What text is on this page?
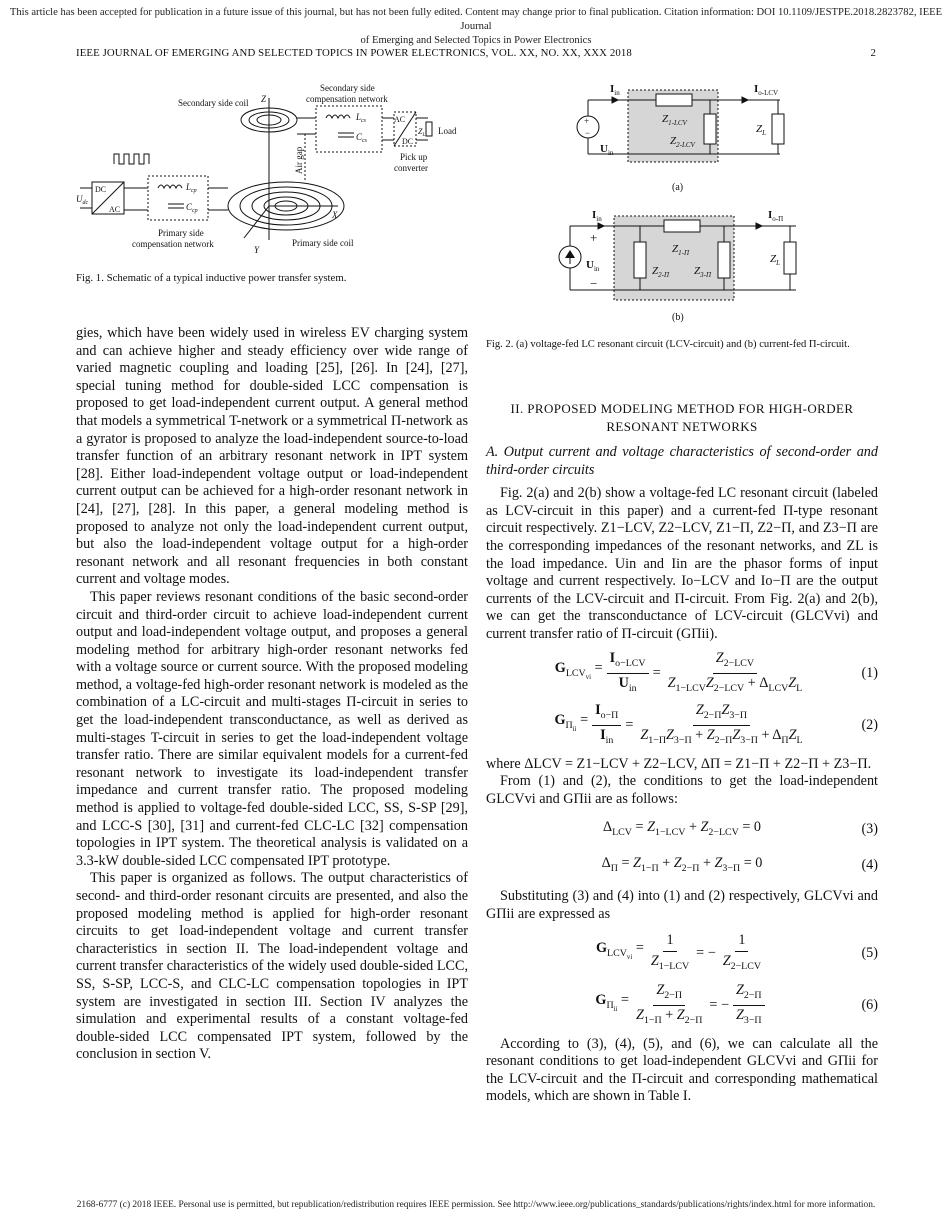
This article has been accepted for publication in a future issue of this journal, but has not been fully edited. Content may change prior to final publication. Citation information: DOI 10.1109/JESTPE.2018.2823782, IEEE Journal
of Emerging and Selected Topics in Power Electronics
IEEE JOURNAL OF EMERGING AND SELECTED TOPICS IN POWER ELECTRONICS, VOL. XX, NO. XX, XXX 2018	2
Secondary side coil
Secondary side
compensation network
Load
Pick up
converter
Air gap
Primary side
compensation network	Primary side coil
Z
X
Y
DC
AC
AC
DC
$U_{dc}$
$L_{cp}$
$C_{cp}$
$L_{cs}$
$C_{cs}$
$Z_L$
Fig. 1. Schematic of a typical inductive power transfer system.
+
−
$I_{in}$	$I_{o-LCV}$
$U_{in}$
$Z_{1-LCV}$
$Z_{2-LCV}$
$Z_L$
(a)
+
−
$I_{in}$	$I_{o-\Pi}$
$U_{in}$
$Z_{1-\Pi}$
$Z_{2-\Pi}$ $Z_{3-\Pi}$
$Z_L$
(b)
Fig. 2. (a) voltage-fed LC resonant circuit (LCV-circuit) and (b) current-fed Π-circuit.

gies, which have been widely used in wireless EV charging system and can achieve higher and steady efficiency over wide range of varied magnetic coupling and loading [25], [26]. In [24], [27], special tuning method for double-sided LCC compensation is proposed to get load-independent current output. A general method that models a symmetrical T-network or a symmetrical Π-network as a gyrator is proposed to analyze the load-independent source-to-load transfer function of an arbitrary resonant network in IPT system [28]. Either load-independent voltage output or load-independent current output can be achieved for a high-order resonant network in [24], [27], [28]. In this paper, a general modeling method is proposed to analyze not only the load-independent current output, but also the load-independent voltage output for a high-order resonant network and all resonant frequencies in both constant current and voltage modes.

This paper reviews resonant conditions of the basic second-order circuit and third-order circuit to achieve load-independent current output and load-independent voltage output, and proposes a general modeling method for arbitrary high-order resonant networks fed with a voltage source or current source. With the proposed modeling method, a voltage-fed high-order resonant network is modeled as the combination of a LC-circuit and multi-stages Π-circuit in series to get the load-independent transconductance, as well as derived as multi-stages T-circuit in series to get the load-independent voltage transfer ratio. There are similar equivalent models for a current-fed resonant network to investigate its load-independent transfer impedance and current transfer ratio. The proposed modeling method is applied to voltage-fed double-sided LCC, SS, S-SP [29], and LCC-S [30], [31] and current-fed CLC-LC [32] compensation topologies in IPT system. The theoretical analysis is validated on a 3.3-kW double-sided LCC compensated IPT prototype.

This paper is organized as follows. The output characteristics of second- and third-order resonant circuits are presented, and also the proposed modeling method is applied for high-order resonant circuits to get load-independent voltage and current transfer characteristics in section II. The load-independent voltage and current transfer characteristics of the widely used double-sided LCC, SS, S-SP, LCC-S, and CLC-LC compensation topologies in IPT system are investigated in section III. Section IV analyzes the simulation and experimental results of a constant voltage-fed double-sided LCC compensated IPT system, followed by the conclusion in section V.

II. PROPOSED MODELING METHOD FOR HIGH-ORDER RESONANT NETWORKS
A. Output current and voltage characteristics of second-order and third-order circuits

Fig. 2(a) and 2(b) show a voltage-fed LC resonant circuit (labeled as LCV-circuit in this paper) and a current-fed Π-type resonant circuit respectively. Z1−LCV, Z2−LCV, Z1−Π, Z2−Π, and Z3−Π are the corresponding impedances of the resonant networks, and ZL is the load impedance. Uin and Iin are the phasor forms of input voltage and current respectively. Io−LCV and Io−Π are the output currents of the LCV-circuit and Π-circuit. From Fig. 2(a) and 2(b), we can get the transconductance of LCV-circuit (GLCVvi) and current transfer ratio of Π-circuit (GΠii).

$G_{LCV_{vi}} = \frac{I_{o-LCV}}{U_{in}} = \frac{Z_{2-LCV}}{Z_{1-LCV}Z_{2-LCV} + \Delta_{LCV}Z_L}$	(1)
$G_{\Pi_{ii}} = \frac{I_{o-\Pi}}{I_{in}} = \frac{Z_{2-\Pi}Z_{3-\Pi}}{Z_{1-\Pi}Z_{3-\Pi} + Z_{2-\Pi}Z_{3-\Pi} + \Delta_\Pi Z_L}$	(2)

where ΔLCV = Z1−LCV + Z2−LCV, ΔΠ = Z1−Π + Z2−Π + Z3−Π.

From (1) and (2), the conditions to get the load-independent GLCVvi and GΠii are as follows:

$\Delta_{LCV} = Z_{1-LCV} + Z_{2-LCV} = 0$	(3)
$\Delta_\Pi = Z_{1-\Pi} + Z_{2-\Pi} + Z_{3-\Pi} = 0$	(4)

Substituting (3) and (4) into (1) and (2) respectively, GLCVvi and GΠii are expressed as

$G_{LCV_{vi}} = \frac{1}{Z_{1-LCV}}$ = − $\frac{1}{Z_{2-LCV}}$	(5)
$G_{\Pi_{ii}} = \frac{Z_{2-\Pi}}{Z_{1-\Pi} + Z_{2-\Pi}}$ = − $\frac{Z_{2-\Pi}}{Z_{3-\Pi}}$	(6)

According to (3), (4), (5), and (6), we can calculate all the resonant conditions to get load-independent GLCVvi and GΠii for the LCV-circuit and the Π-circuit and corresponding mathematical models, which are shown in Table I.

2168-6777 (c) 2018 IEEE. Personal use is permitted, but republication/redistribution requires IEEE permission. See http://www.ieee.org/publications_standards/publications/rights/index.html for more information.
